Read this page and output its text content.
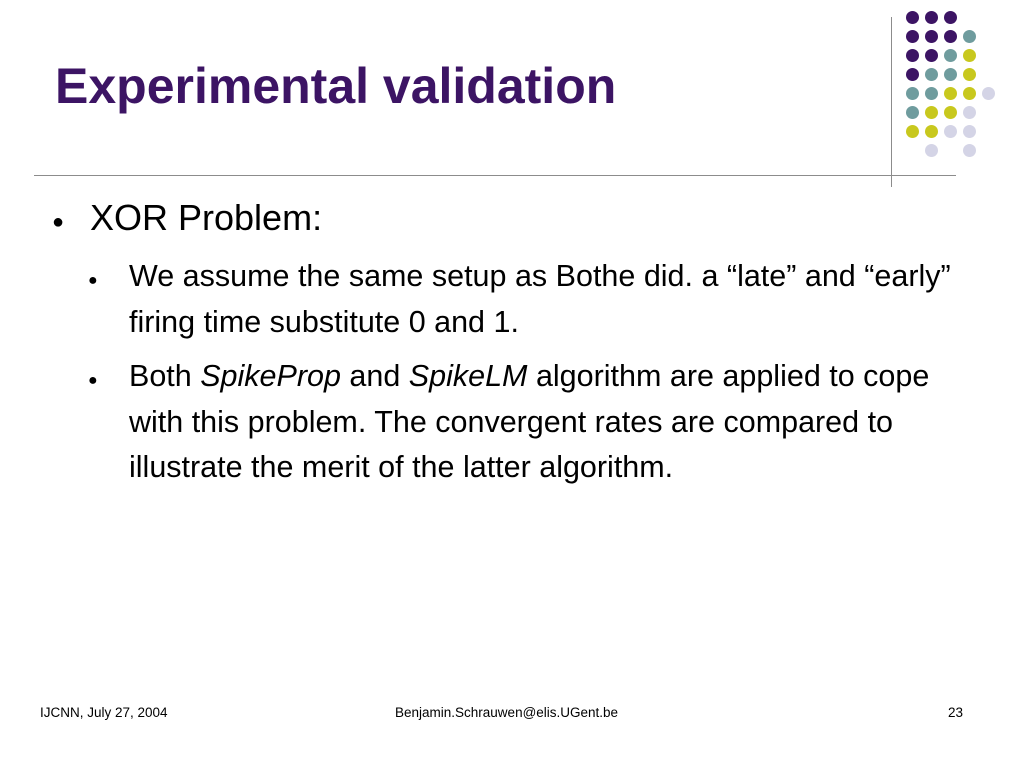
Experimental validation
● XOR Problem:
● We assume the same setup as Bothe did. a “late” and “early” firing time substitute 0 and 1.
● Both SpikeProp and SpikeLM algorithm are applied to cope with this problem. The convergent rates are compared to illustrate the merit of the latter algorithm.
IJCNN, July 27, 2004	Benjamin.Schrauwen@elis.UGent.be	23
